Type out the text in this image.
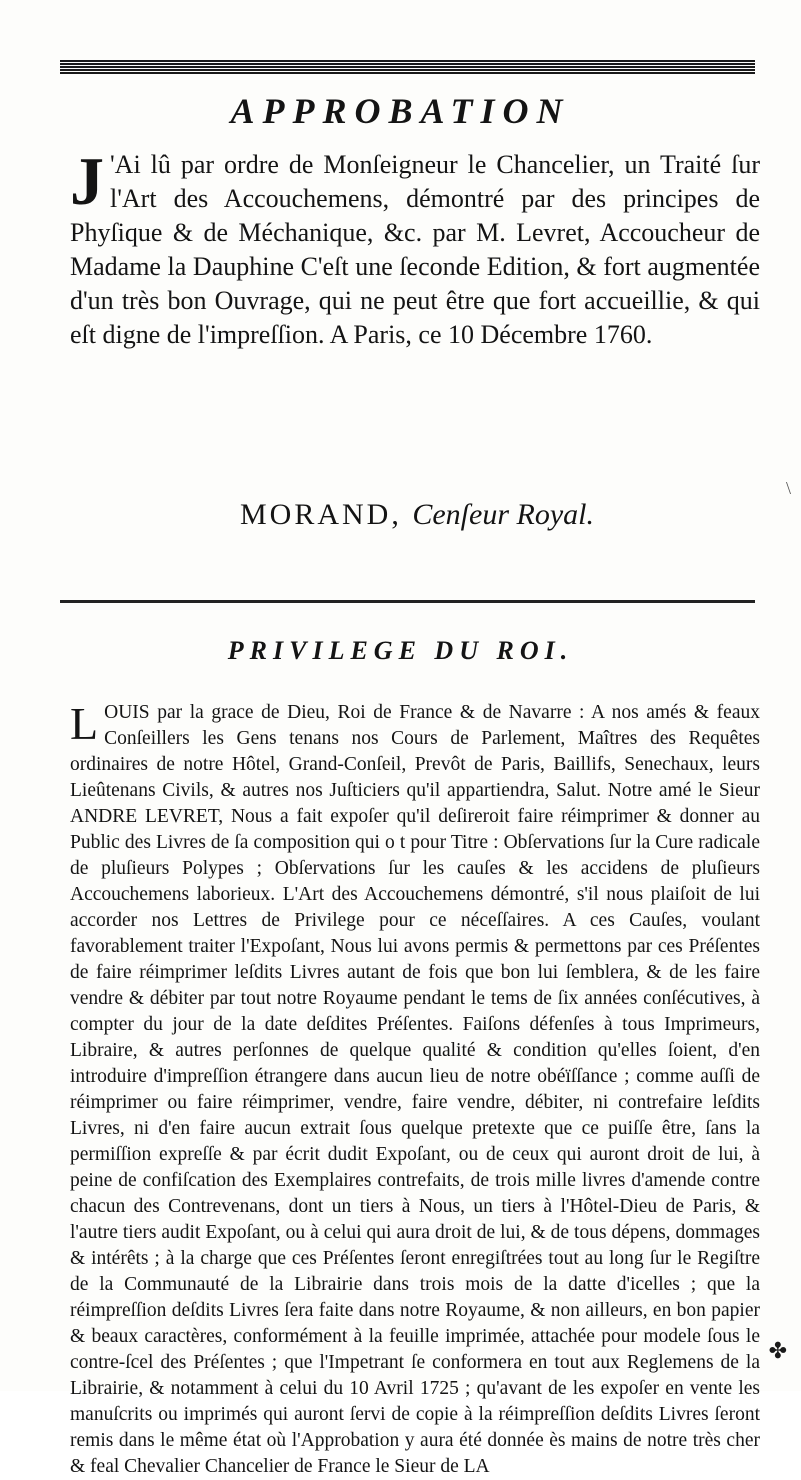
APPROBATION
J 'Ai lû par ordre de Monſeigneur le Chancelier, un Traité ſur l'Art des Accouchemens, démontré par des principes de Phyſique & de Méchanique, &c. par M. Levret, Accoucheur de Madame la Dauphine C'eſt une ſeconde Edition, & fort augmentée d'un très bon Ouvrage, qui ne peut être que fort accueillie, & qui eſt digne de l'impreſſion. A Paris, ce 10 Décembre 1760.
MORAND, Cenſeur Royal.
PRIVILEGE DU ROI.
LOUIS par la grace de Dieu, Roi de France & de Navarre : A nos amés & feaux Conſeillers les Gens tenans nos Cours de Parlement, Maîtres des Requêtes ordinaires de notre Hôtel, Grand-Conſeil, Prevôt de Paris, Baillifs, Senechaux, leurs Lieûtenans Civils, & autres nos Juſticiers qu'il appartiendra, Salut. Notre amé le Sieur ANDRE LEVRET, Nous a fait expoſer qu'il deſireroit faire réimprimer & donner au Public des Livres de ſa composition qui o t pour Titre : Obſervations ſur la Cure radicale de pluſieurs Polypes ; Obſervations ſur les cauſes & les accidens de pluſieurs Accouchemens laborieux. L'Art des Accouchemens démontré, s'il nous plaiſoit de lui accorder nos Lettres de Privilege pour ce néceſſaires. A ces Cauſes, voulant favorablement traiter l'Expoſant, Nous lui avons permis & permettons par ces Préſentes de faire réimprimer leſdits Livres autant de fois que bon lui ſemblera, & de les faire vendre & débiter par tout notre Royaume pendant le tems de ſix années conſécutives, à compter du jour de la date deſdites Préſentes. Faiſons défenſes à tous Imprimeurs, Libraire, & autres perſonnes de quelque qualité & condition qu'elles ſoient, d'en introduire d'impreſſion étrangere dans aucun lieu de notre obéïſſance ; comme auſſi de réimprimer ou faire réimprimer, vendre, faire vendre, débiter, ni contrefaire leſdits Livres, ni d'en faire aucun extrait ſous quelque pretexte que ce puiſſe être, ſans la permiſſion expreſſe & par écrit dudit Expoſant, ou de ceux qui auront droit de lui, à peine de confiſcation des Exemplaires contrefaits, de trois mille livres d'amende contre chacun des Contrevenans, dont un tiers à Nous, un tiers à l'Hôtel-Dieu de Paris, & l'autre tiers audit Expoſant, ou à celui qui aura droit de lui, & de tous dépens, dommages & intérêts ; à la charge que ces Préſentes ſeront enregiſtrées tout au long ſur le Regiſtre de la Communauté de la Librairie dans trois mois de la datte d'icelles ; que la réimpreſſion deſdits Livres ſera faite dans notre Royaume, & non ailleurs, en bon papier & beaux caractères, conformément à la feuille imprimée, attachée pour modele ſous le contre-ſcel des Préſentes ; que l'Impetrant ſe conformera en tout aux Reglemens de la Librairie, & notamment à celui du 10 Avril 1725 ; qu'avant de les expoſer en vente les manuſcrits ou imprimés qui auront ſervi de copie à la réimpreſſion deſdits Livres ſeront remis dans le même état où l'Approbation y aura été donnée ès mains de notre très cher & feal Chevalier Chancelier de France le Sieur de LA
\
✤
